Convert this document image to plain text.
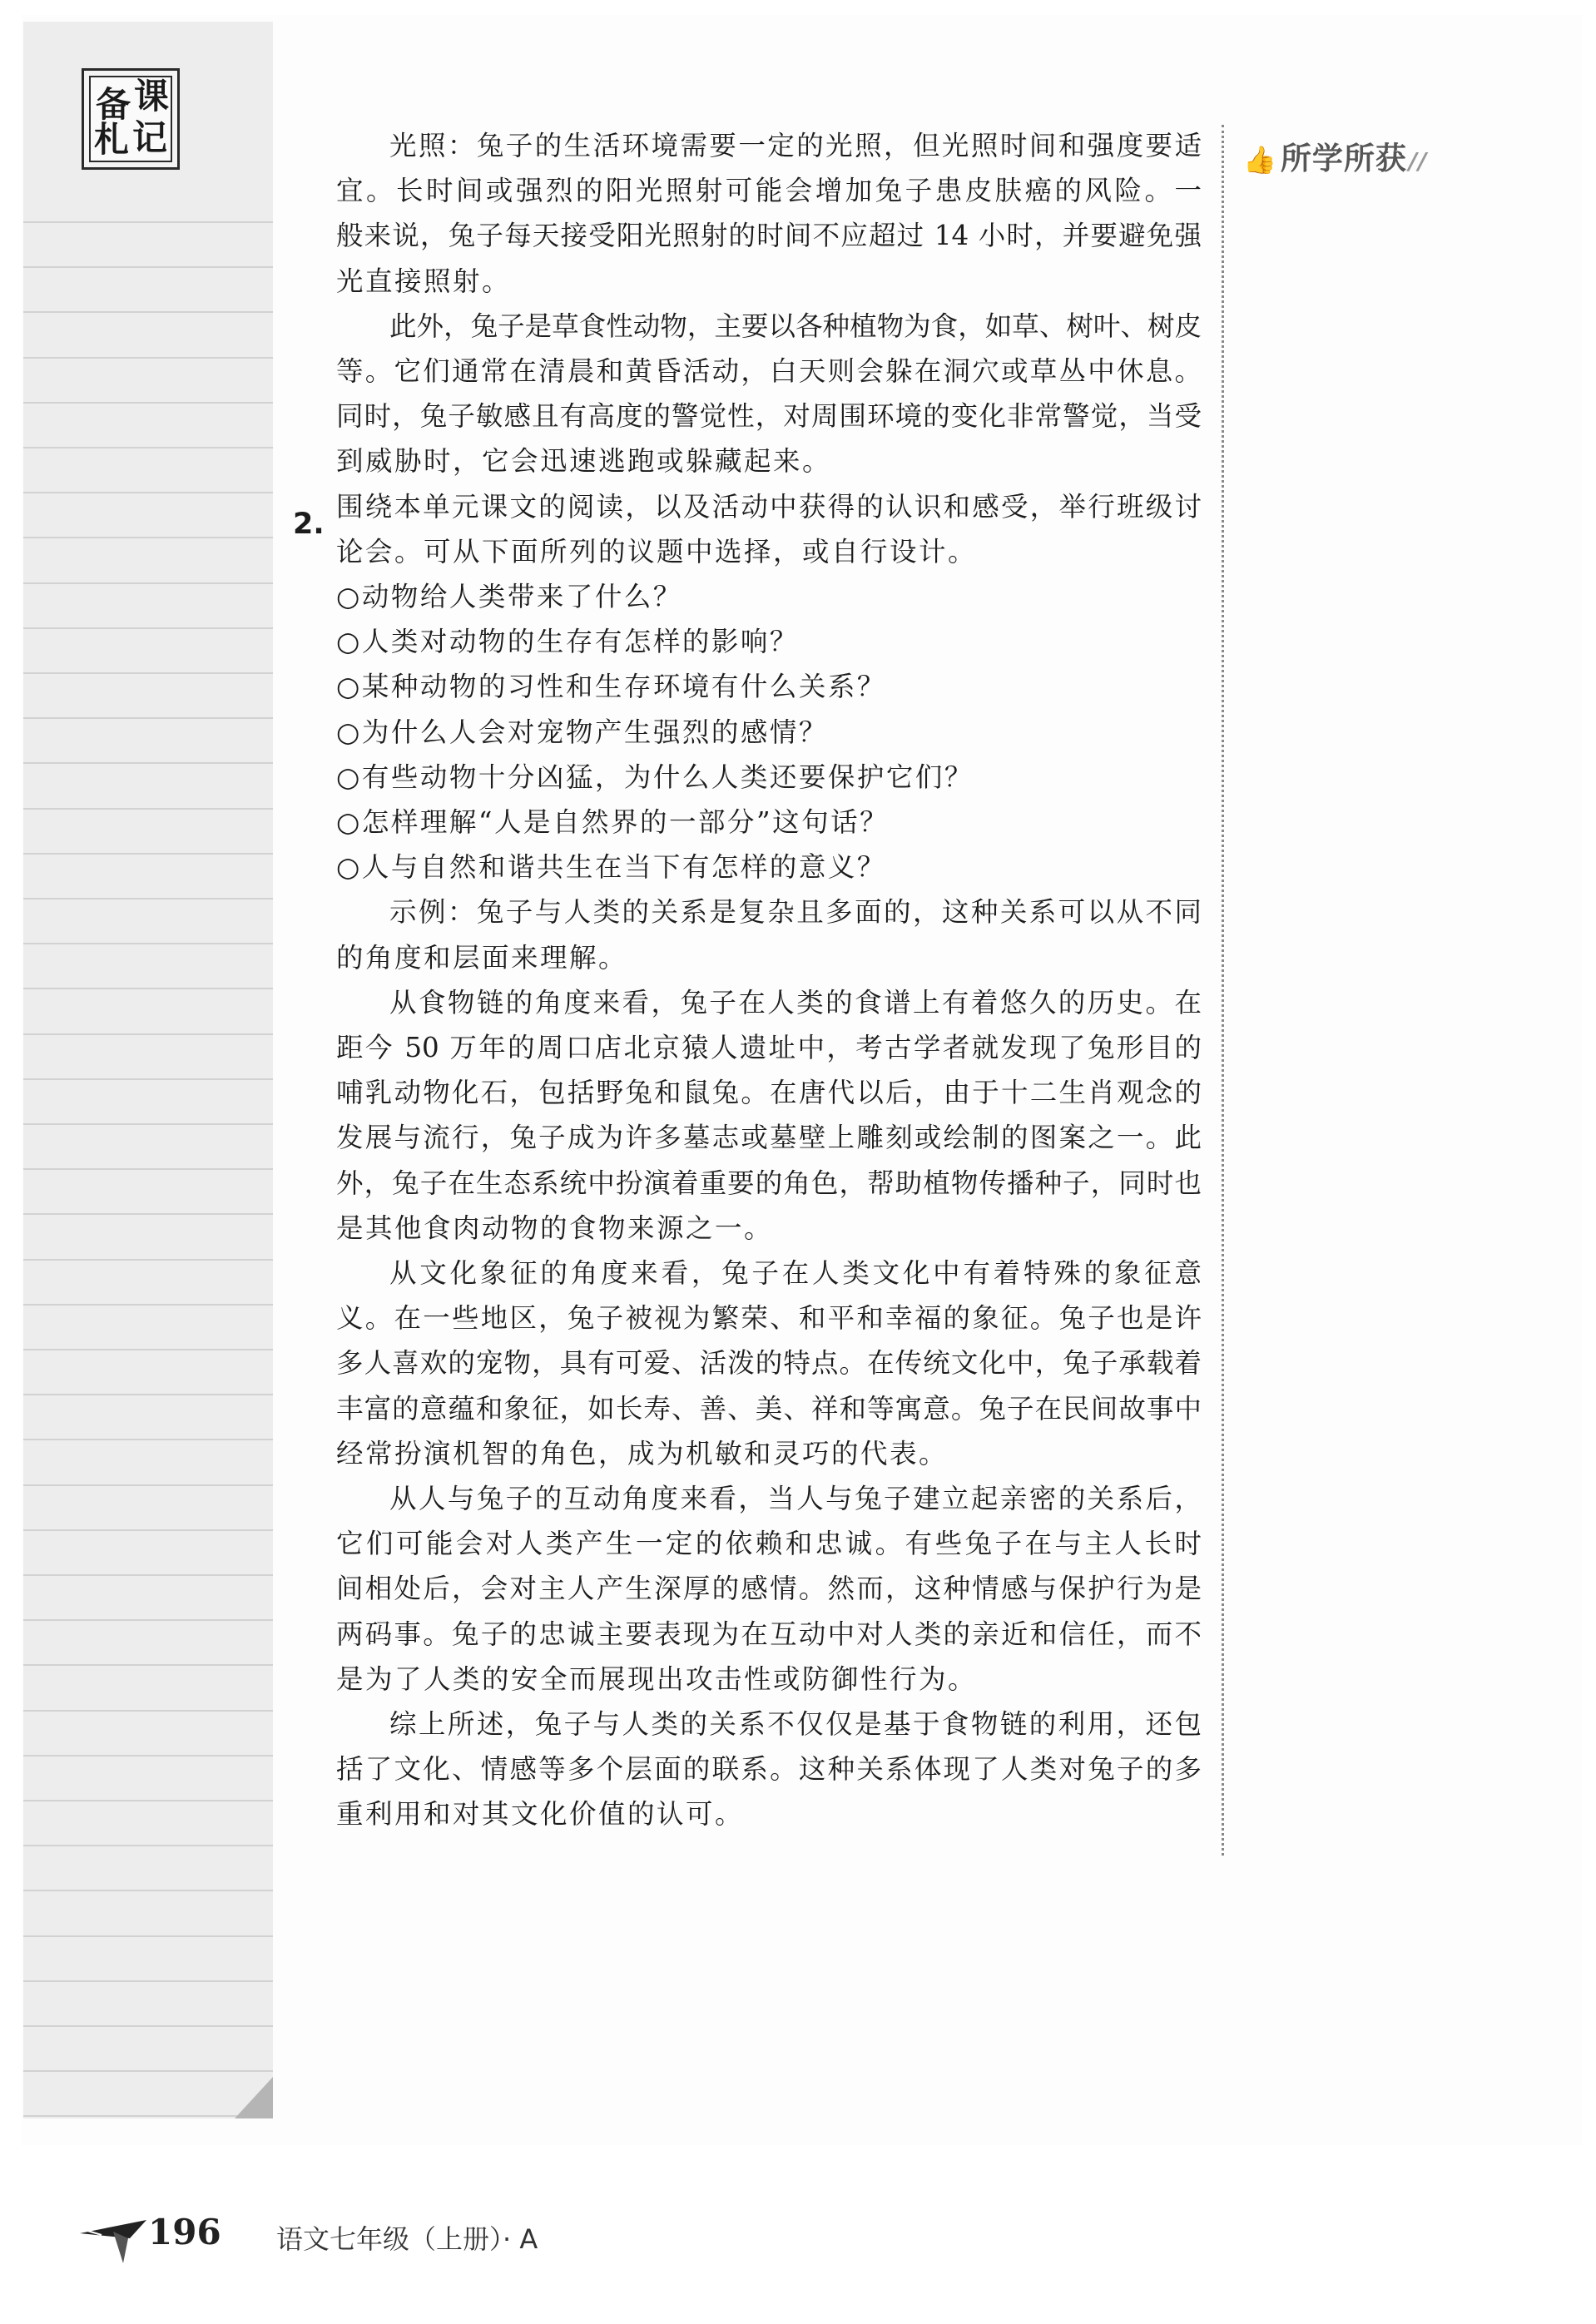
备 课
札 记
👍 所学所获//
光照：兔子的生活环境需要一定的光照，但光照时间和强度要适
宜。长时间或强烈的阳光照射可能会增加兔子患皮肤癌的风险。一
般来说，兔子每天接受阳光照射的时间不应超过 14 小时，并要避免强
光直接照射。
此外，兔子是草食性动物，主要以各种植物为食，如草、树叶、树皮
等。它们通常在清晨和黄昏活动，白天则会躲在洞穴或草丛中休息。
同时，兔子敏感且有高度的警觉性，对周围环境的变化非常警觉，当受
到威胁时，它会迅速逃跑或躲藏起来。
围绕本单元课文的阅读，以及活动中获得的认识和感受，举行班级讨
论会。可从下面所列的议题中选择，或自行设计。
○动物给人类带来了什么？
○人类对动物的生存有怎样的影响？
○某种动物的习性和生存环境有什么关系？
○为什么人会对宠物产生强烈的感情？
○有些动物十分凶猛，为什么人类还要保护它们？
○怎样理解“人是自然界的一部分”这句话？
○人与自然和谐共生在当下有怎样的意义？
示例：兔子与人类的关系是复杂且多面的，这种关系可以从不同
的角度和层面来理解。
从食物链的角度来看，兔子在人类的食谱上有着悠久的历史。在
距今 50 万年的周口店北京猿人遗址中，考古学者就发现了兔形目的
哺乳动物化石，包括野兔和鼠兔。在唐代以后，由于十二生肖观念的
发展与流行，兔子成为许多墓志或墓壁上雕刻或绘制的图案之一。此
外，兔子在生态系统中扮演着重要的角色，帮助植物传播种子，同时也
是其他食肉动物的食物来源之一。
从文化象征的角度来看，兔子在人类文化中有着特殊的象征意
义。在一些地区，兔子被视为繁荣、和平和幸福的象征。兔子也是许
多人喜欢的宠物，具有可爱、活泼的特点。在传统文化中，兔子承载着
丰富的意蕴和象征，如长寿、善、美、祥和等寓意。兔子在民间故事中
经常扮演机智的角色，成为机敏和灵巧的代表。
从人与兔子的互动角度来看，当人与兔子建立起亲密的关系后，
它们可能会对人类产生一定的依赖和忠诚。有些兔子在与主人长时
间相处后，会对主人产生深厚的感情。然而，这种情感与保护行为是
两码事。兔子的忠诚主要表现为在互动中对人类的亲近和信任，而不
是为了人类的安全而展现出攻击性或防御性行为。
综上所述，兔子与人类的关系不仅仅是基于食物链的利用，还包
括了文化、情感等多个层面的联系。这种关系体现了人类对兔子的多
重利用和对其文化价值的认可。
2.
196 语文七年级（上册）· A
